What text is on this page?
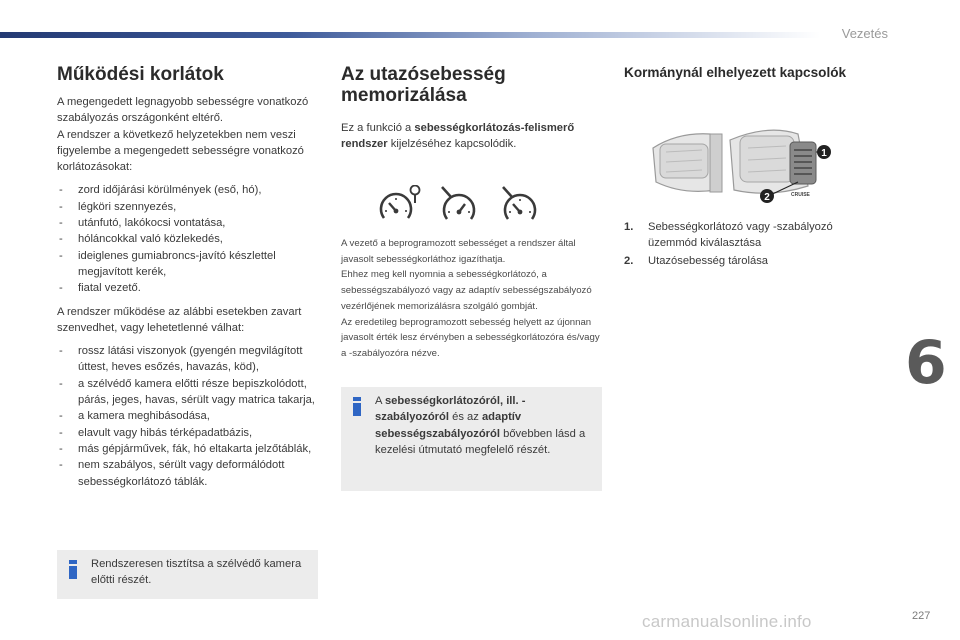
Vezetés
Működési korlátok

A megengedett legnagyobb sebességre vonatkozó szabályozás országonként eltérő.
A rendszer a következő helyzetekben nem veszi figyelembe a megengedett sebességre vonatkozó korlátozásokat:

- zord időjárási körülmények (eső, hó),
- légköri szennyezés,
- utánfutó, lakókocsi vontatása,
- hóláncokkal való közlekedés,
- ideiglenes gumiabroncs-javító készlettel megjavított kerék,
- fiatal vezető.

A rendszer működése az alábbi esetekben zavart szenvedhet, vagy lehetetlenné válhat:

- rossz látási viszonyok (gyengén megvilágított úttest, heves esőzés, havazás, köd),
- a szélvédő kamera előtti része bepiszkolódott, párás, jeges, havas, sérült vagy matrica takarja,
- a kamera meghibásodása,
- elavult vagy hibás térképadatbázis,
- más gépjárművek, fák, hó eltakarta jelzőtáblák,
- nem szabályos, sérült vagy deformálódott sebességkorlátozó táblák.
Rendszeresen tisztítsa a szélvédő kamera előtti részét.
Az utazósebesség
memorizálása

Ez a funkció a sebességkorlátozás-felismerő rendszer kijelzéséhez kapcsolódik.

A vezető a beprogramozott sebességet a rendszer által javasolt sebességkorláthoz igazíthatja.
Ehhez meg kell nyomnia a sebességkorlátozó, a sebességszabályozó vagy az adaptív sebességszabályozó vezérlőjének memorizálásra szolgáló gombját.
Az eredetileg beprogramozott sebesség helyett az újonnan javasolt érték lesz érvényben a sebességkorlátozóra és/vagy a -szabályozóra nézve.
A sebességkorlátozóról, ill. -szabályozóról és az adaptív sebességszabályozóról bővebben lásd a kezelési útmutató megfelelő részét.
Kormánynál elhelyezett kapcsolók
CRUISE
1
2
1. Sebességkorlátozó vagy -szabályozó üzemmód kiválasztása
2. Utazósebesség tárolása
6
carmanualsonline.info	227
